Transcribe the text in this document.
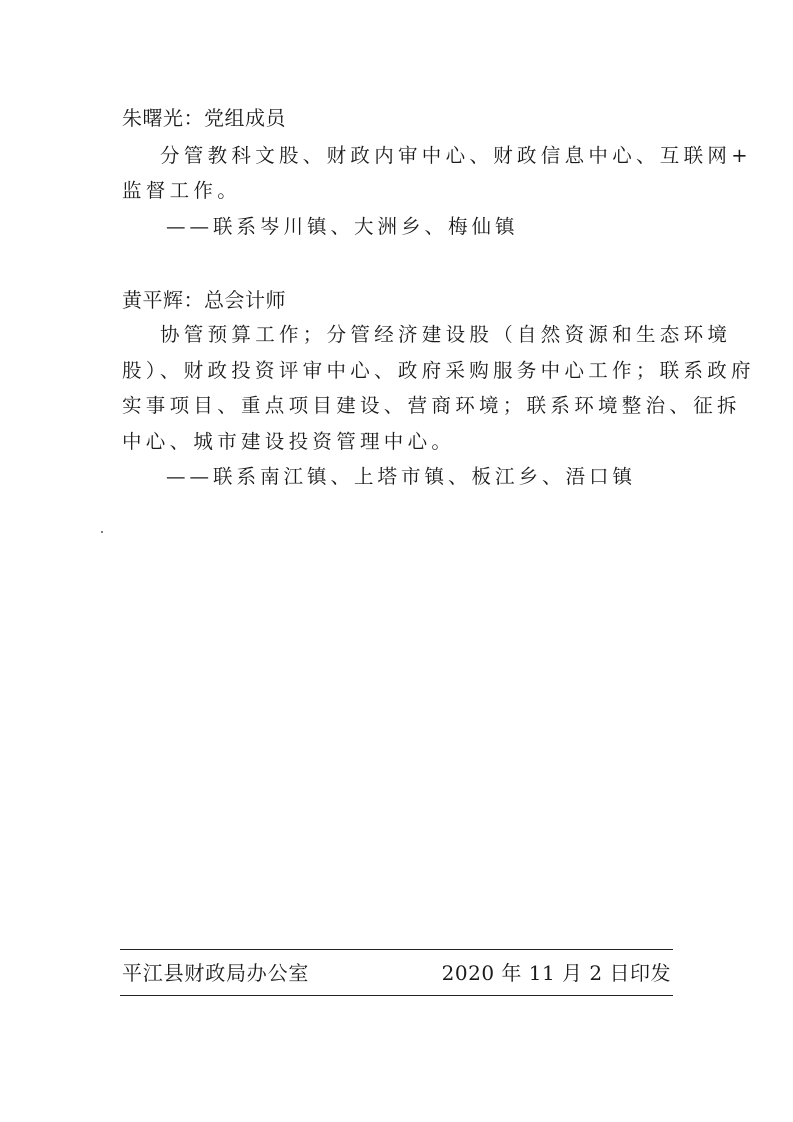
朱曙光：党组成员
分管教科文股、财政内审中心、财政信息中心、互联网+
监督工作。
——联系岑川镇、大洲乡、梅仙镇
黄平辉：总会计师
协管预算工作；分管经济建设股（自然资源和生态环境
股）、财政投资评审中心、政府采购服务中心工作；联系政府
实事项目、重点项目建设、营商环境；联系环境整治、征拆
中心、城市建设投资管理中心。
——联系南江镇、上塔市镇、板江乡、浯口镇
平江县财政局办公室	2020 年 11 月 2 日印发
